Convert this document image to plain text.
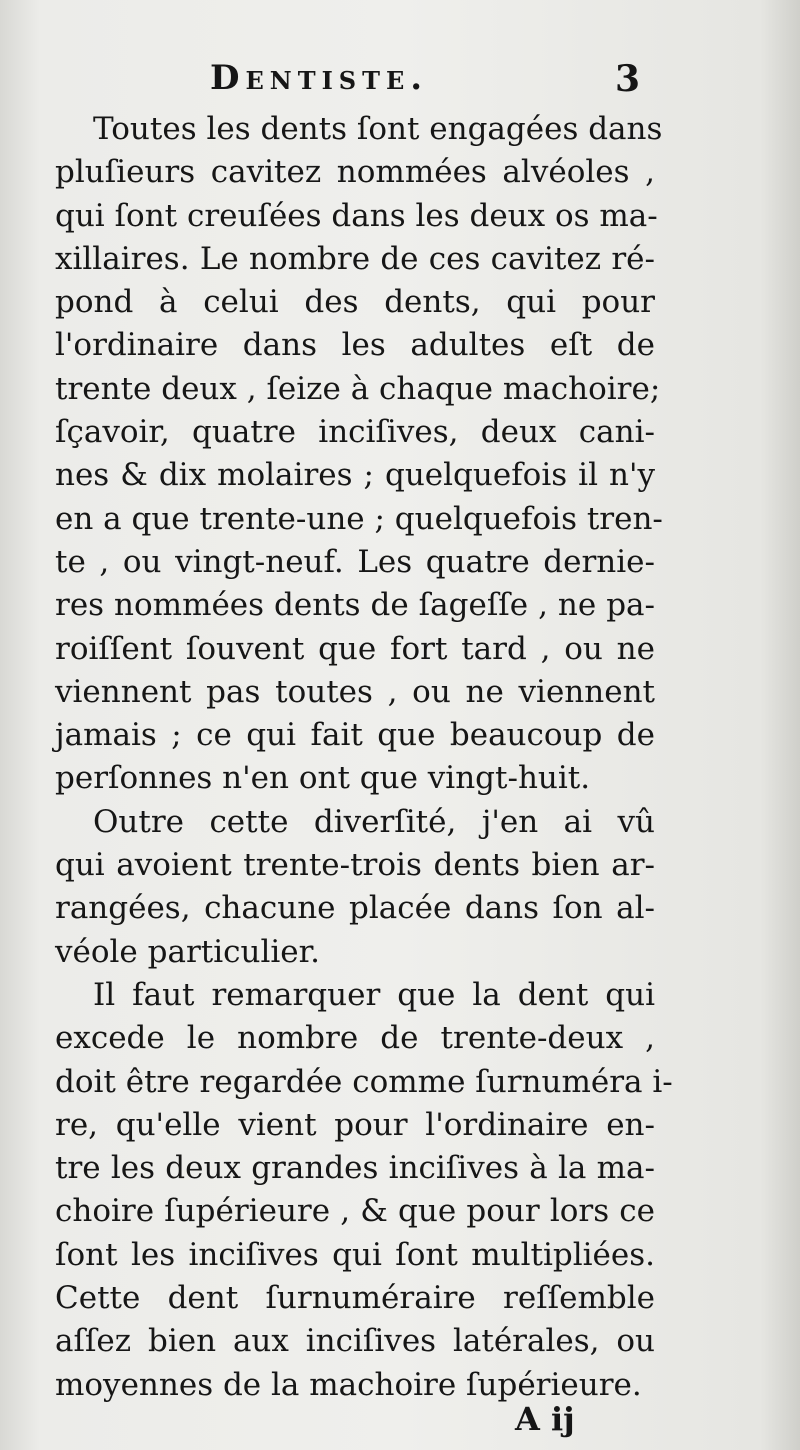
Dentiste.	3
Toutes les dents ſont engagées dans
pluſieurs cavitez nommées alvéoles ,
qui ſont creuſées dans les deux os ma-
xillaires. Le nombre de ces cavitez ré-
pond à celui des dents, qui pour
l'ordinaire dans les adultes eſt de
trente deux , ſeize à chaque machoire;
ſçavoir, quatre inciſives, deux cani-
nes & dix molaires ; quelquefois il n'y
en a que trente-une ; quelquefois tren-
te , ou vingt-neuf. Les quatre dernie-
res nommées dents de ſageſſe , ne pa-
roiſſent ſouvent que fort tard , ou ne
viennent pas toutes , ou ne viennent
jamais ; ce qui fait que beaucoup de
perſonnes n'en ont que vingt-huit.
Outre cette diverſité, j'en ai vû
qui avoient trente-trois dents bien ar-
rangées, chacune placée dans ſon al-
véole particulier.
Il faut remarquer que la dent qui
excede le nombre de trente-deux ,
doit être regardée comme ſurnuméra i-
re, qu'elle vient pour l'ordinaire en-
tre les deux grandes inciſives à la ma-
choire ſupérieure , & que pour lors ce
ſont les inciſives qui ſont multipliées.
Cette dent ſurnuméraire reſſemble
aſſez bien aux inciſives latérales, ou
moyennes de la machoire ſupérieure.
A ij
